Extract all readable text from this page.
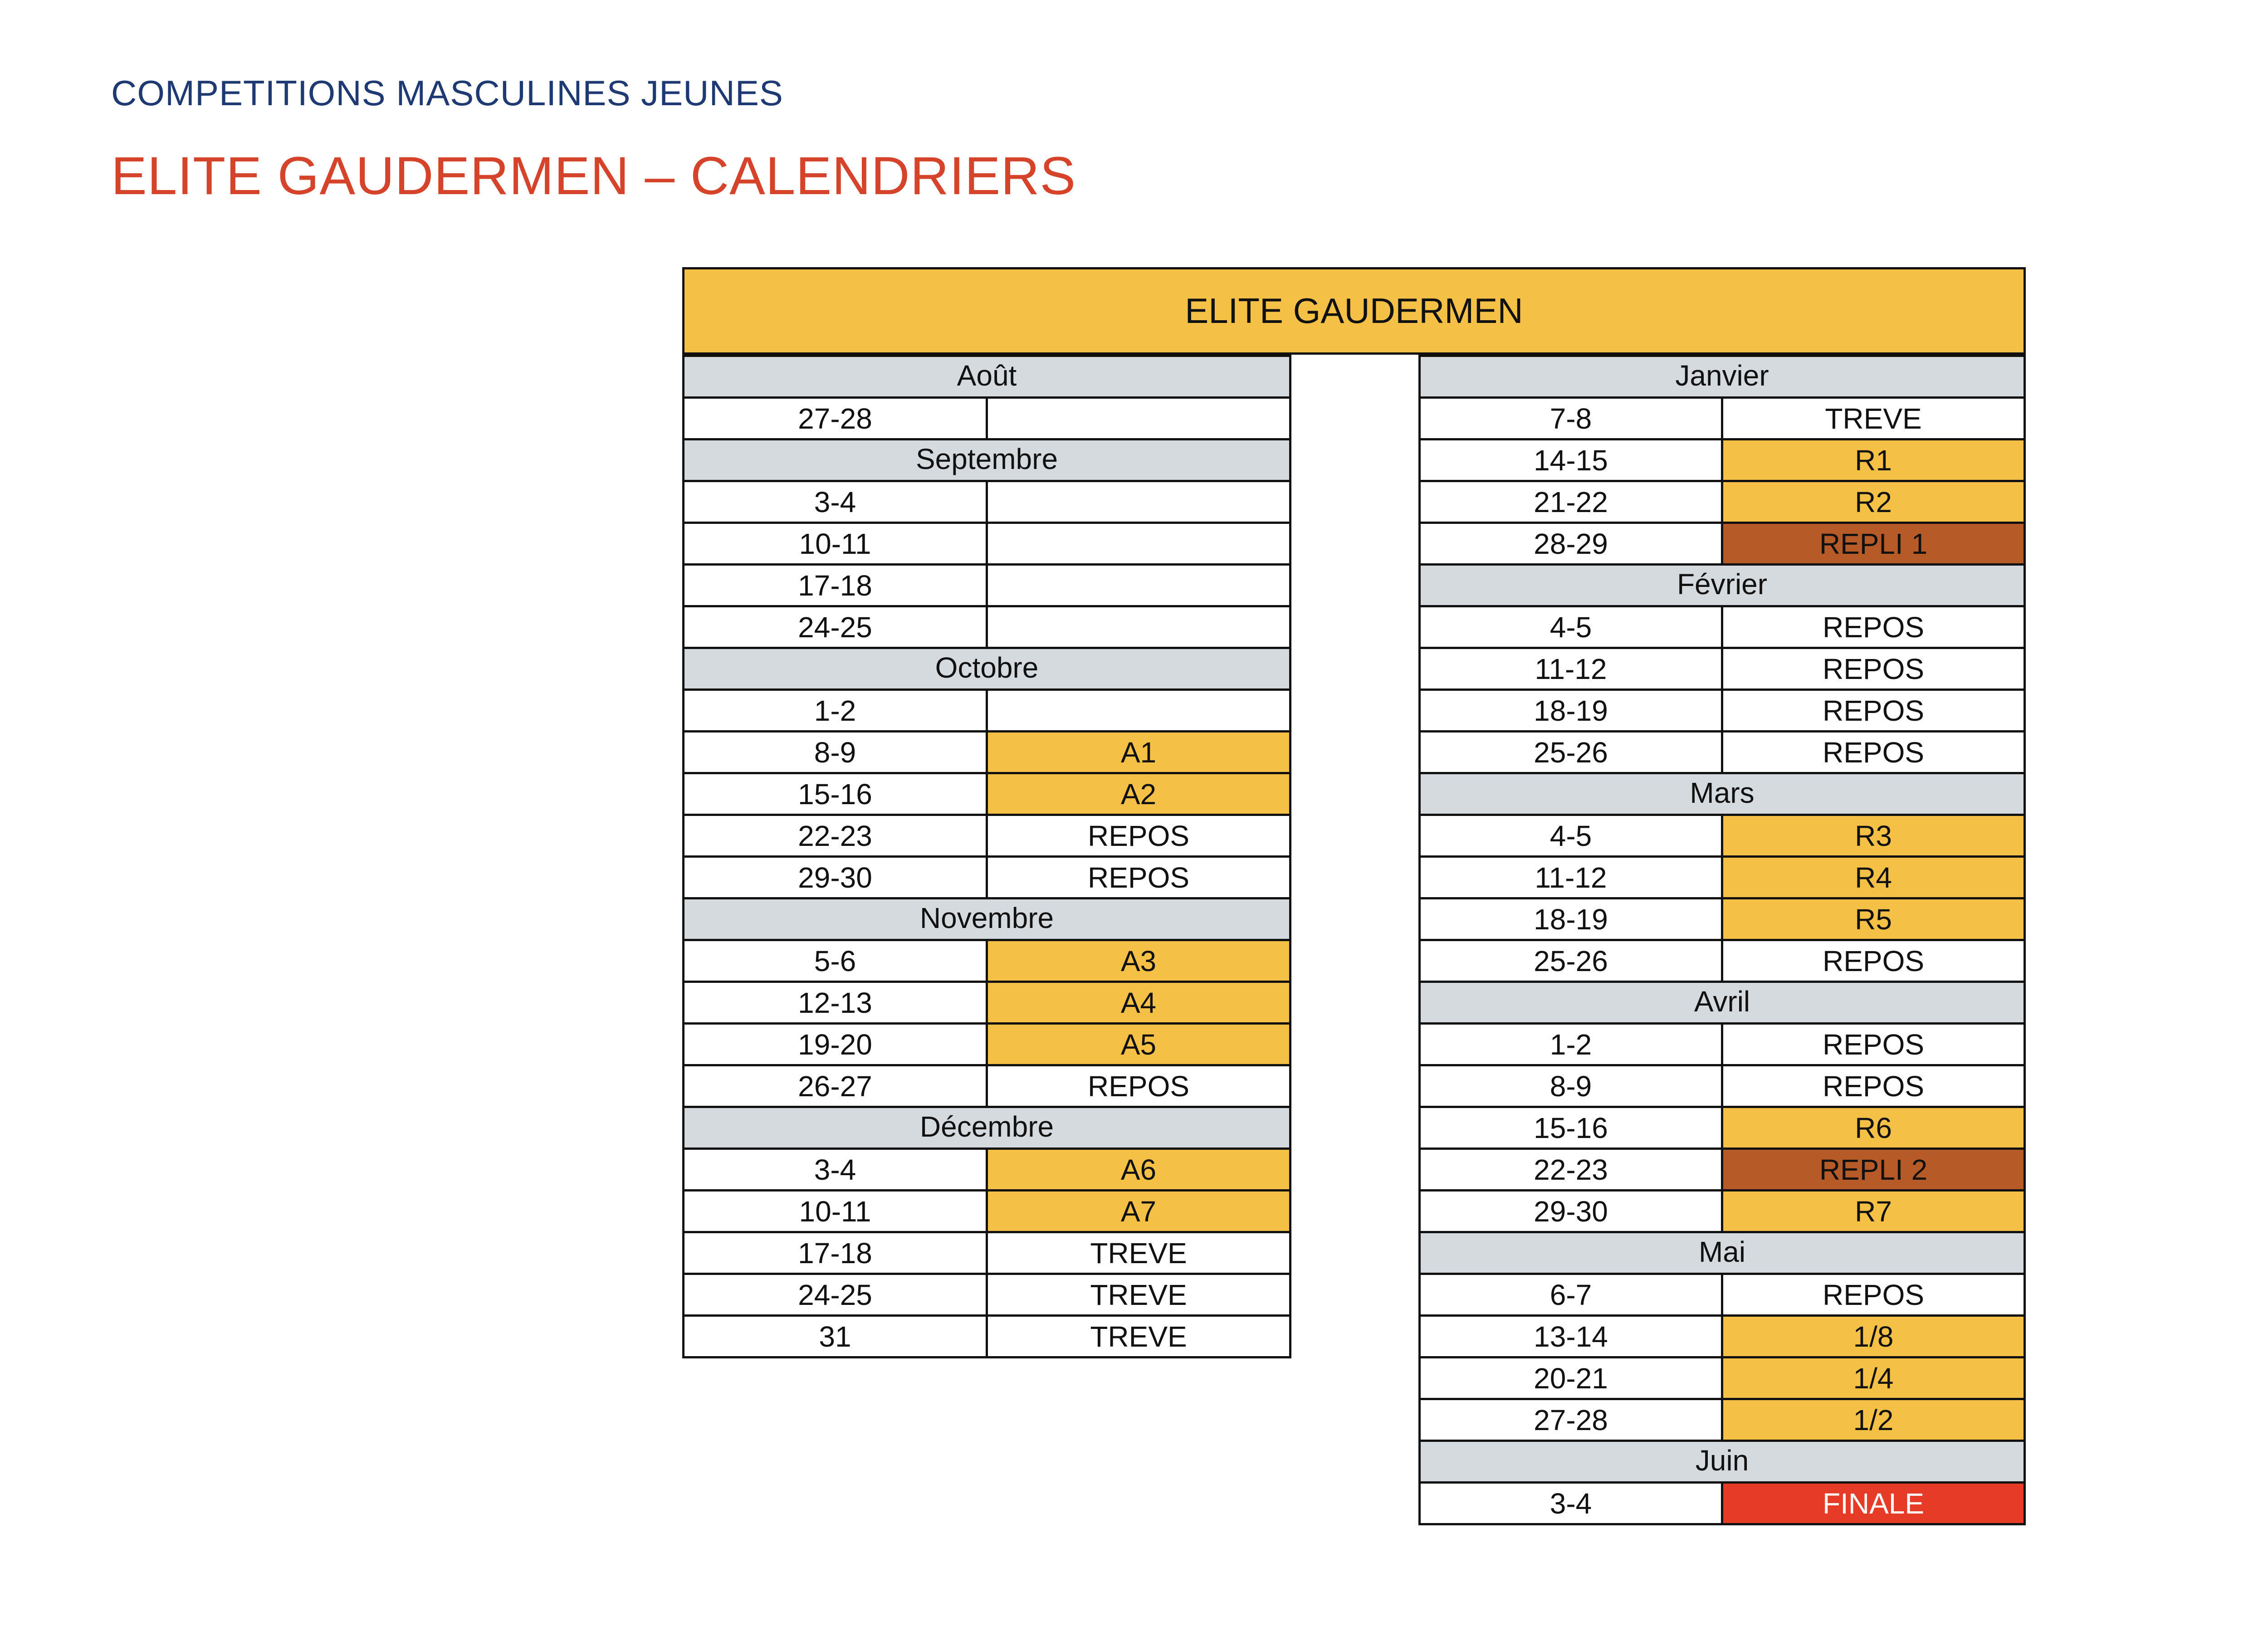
COMPETITIONS MASCULINES JEUNES
ELITE GAUDERMEN – CALENDRIERS
ELITE GAUDERMEN
Août	
27-28	
Septembre	
3-4	
10-11	
17-18	
24-25	
Octobre	
1-2	
8-9	A1
15-16	A2
22-23	REPOS
29-30	REPOS
Novembre	
5-6	A3
12-13	A4
19-20	A5
26-27	REPOS
Décembre	
3-4	A6
10-11	A7
17-18	TREVE
24-25	TREVE
31	TREVE
Janvier	
7-8	TREVE
14-15	R1
21-22	R2
28-29	REPLI 1
Février	
4-5	REPOS
11-12	REPOS
18-19	REPOS
25-26	REPOS
Mars	
4-5	R3
11-12	R4
18-19	R5
25-26	REPOS
Avril	
1-2	REPOS
8-9	REPOS
15-16	R6
22-23	REPLI 2
29-30	R7
Mai	
6-7	REPOS
13-14	1/8
20-21	1/4
27-28	1/2
Juin	
3-4	FINALE
